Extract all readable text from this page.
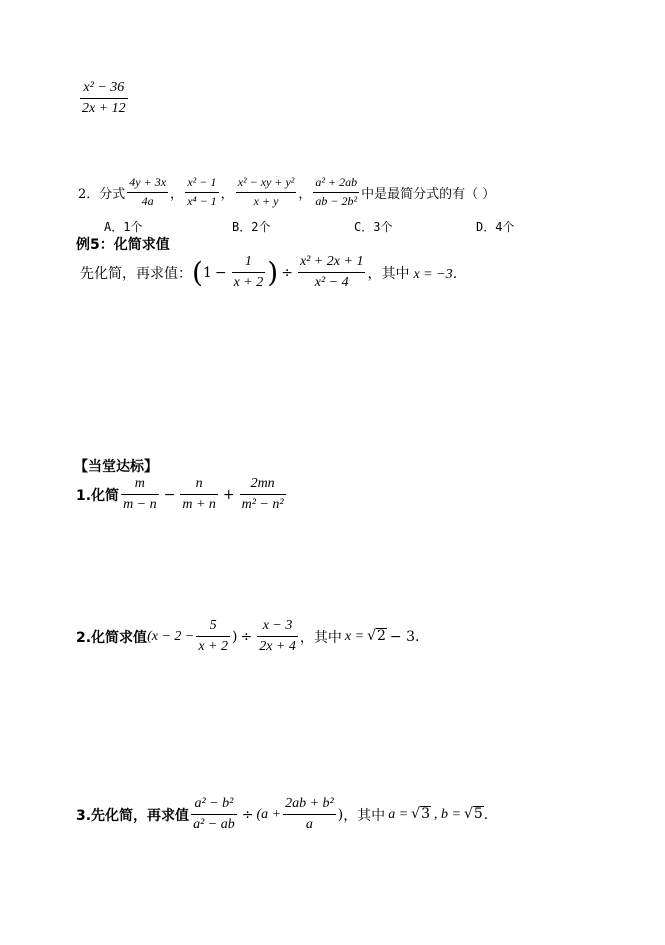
$\frac{\text{x² − 36}}{2x + 12}$
2． 分式 $\frac{4y + 3x}{4a}$ ， $\frac{\text{x² − 1}}{\text{x⁴ − 1}}$ ， $\frac{\text{x² − xy + y²}}{x + y}$ ， $\frac{\text{a² + 2ab}}{\text{ab − 2b²}}$ 中是最简分式的有（ ）
A．1个	B．2个	C．3个	D．4个
例5：化简求值
先化简，再求值： ( $1 - \frac{1}{x + 2}$ ) ÷ $\frac{\text{x² + 2x + 1}}{\text{x² − 4}}$ ，其中 x = −3．
【当堂达标】
1.化简 $\frac{m}{m - n} - \frac{n}{m + n} + \frac{2mn}{\text{m² − n²}}$
2.化简求值 ($x - 2 - \frac{5}{x + 2}$ ) ÷ $\frac{x - 3}{2x + 4}$ ，其中 x = √ 2 − 3.
3.先化简，再求值 $\frac{\text{a² − b²}}{\text{a² − ab}} \div (a + \frac{\text{2ab + b²}}{a}$ ) ，其中 a = √ 3 , b = √ 5 .
